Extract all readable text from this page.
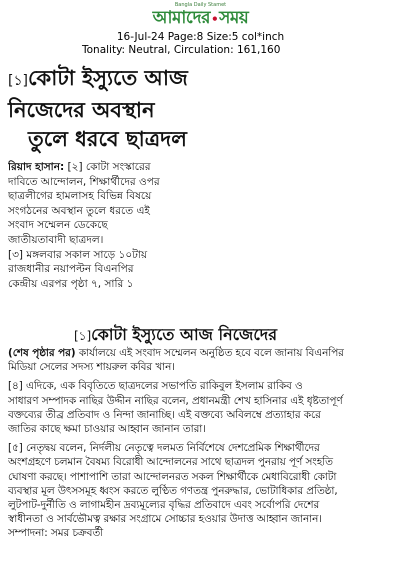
Bangla Daily Stamet
আমাদের•সময়
16-Jul-24 Page:8 Size:5 col*inch
Tonality: Neutral, Circulation: 161,160
[১]কোটা ইস্যুতে আজ
নিজেদের অবস্থান
তুলে ধরবে ছাত্রদল
রিয়াদ হাসান: [২] কোটা সংস্কারের
দাবিতে আন্দোলন, শিক্ষার্থীদের ওপর
ছাত্রলীগের হামলাসহ বিভিন্ন বিষয়ে
সংগঠনের অবস্থান তুলে ধরতে এই
সংবাদ সম্মেলন ডেকেছে
জাতীয়তাবাদী ছাত্রদল।
[৩] মঙ্গলবার সকাল সাড়ে ১০টায়
রাজধানীর নয়াপল্টন বিএনপির
কেন্দ্রীয় এরপর পৃষ্ঠা ৭, সারি ১
[১]কোটা ইস্যুতে আজ নিজেদের
(শেষ পৃষ্ঠার পর) কার্যালয়ে এই সংবাদ সম্মেলন অনুষ্ঠিত হবে বলে জানায় বিএনপির
মিডিয়া সেলের সদস্য শায়রুল কবির খান।
[৪] এদিকে, এক বিবৃতিতে ছাত্রদলের সভাপতি রাকিবুল ইসলাম রাকিব ও
সাধারণ সম্পাদক নাছির উদ্দীন নাছির বলেন, প্রধানমন্ত্রী শেখ হাসিনার এই ধৃষ্টতাপূর্ণ
বক্তব্যের তীব্র প্রতিবাদ ও নিন্দা জানাচ্ছি। এই বক্তব্যে অবিলম্বে প্রত্যাহার করে
জাতির কাছে ক্ষমা চাওয়ার আহ্বান জানান তারা।
[৫] নেতৃদ্বয় বলেন, নির্দলীয় নেতৃত্বে দলমত নির্বিশেষে দেশপ্রেমিক শিক্ষার্থীদের
অংশগ্রহণে চলমান বৈষম্য বিরোধী আন্দোলনের সাথে ছাত্রদল পুনরায় পূর্ণ সংহতি
ঘোষণা করছে। পাশাপাশি তারা আন্দোলনরত সকল শিক্ষার্থীকে মেধাবিরোধী কোটা
ব্যবস্থার মূল উৎসসমূহ ধ্বংস করতে লুণ্ঠিত গণতন্ত্র পুনরুদ্ধার, ভোটাধিকার প্রতিষ্ঠা,
লুটপাট-দুর্নীতি ও লাগামহীন দ্রব্যমূল্যের বৃদ্ধির প্রতিবাদে এবং সর্বোপরি দেশের
স্বাধীনতা ও সার্বভৌমত্ব রক্ষার সংগ্রামে সোচ্চার হওয়ার উদাত্ত আহ্বান জানান।
সম্পাদনা: সমর চক্রবর্তী
